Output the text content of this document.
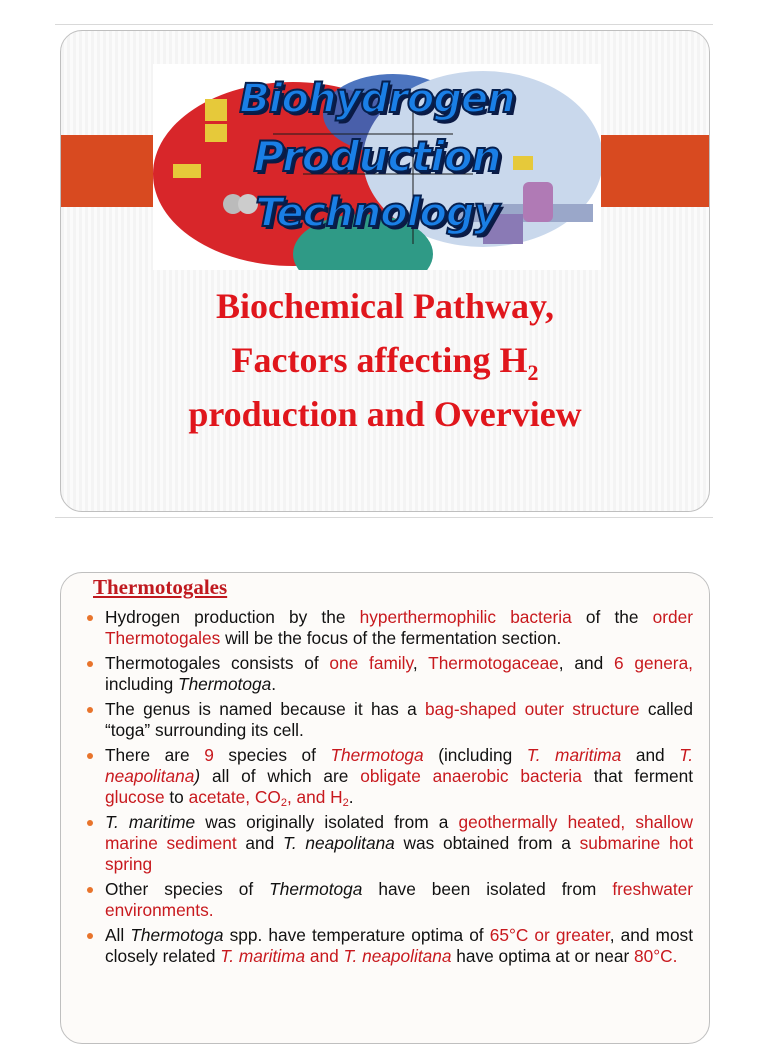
Biohydrogen
Production
Technology
Biochemical Pathway,
Factors affecting $H_2$
production and Overview
Thermotogales
Hydrogen production by the hyperthermophilic bacteria of the order Thermotogales will be the focus of the fermentation section.
Thermotogales consists of one family, Thermotogaceae, and 6 genera, including Thermotoga.
The genus is named because it has a bag-shaped outer structure called “toga” surrounding its cell.
There are 9 species of Thermotoga (including T. maritima and T. neapolitana) all of which are obligate anaerobic bacteria that ferment glucose to acetate, $CO_2$, and $H_2$.
T. maritime was originally isolated from a geothermally heated, shallow marine sediment and T. neapolitana was obtained from a submarine hot spring
Other species of Thermotoga have been isolated from freshwater environments.
All Thermotoga spp. have temperature optima of 65°C or greater, and most closely related T. maritima and T. neapolitana have optima at or near 80°C.
